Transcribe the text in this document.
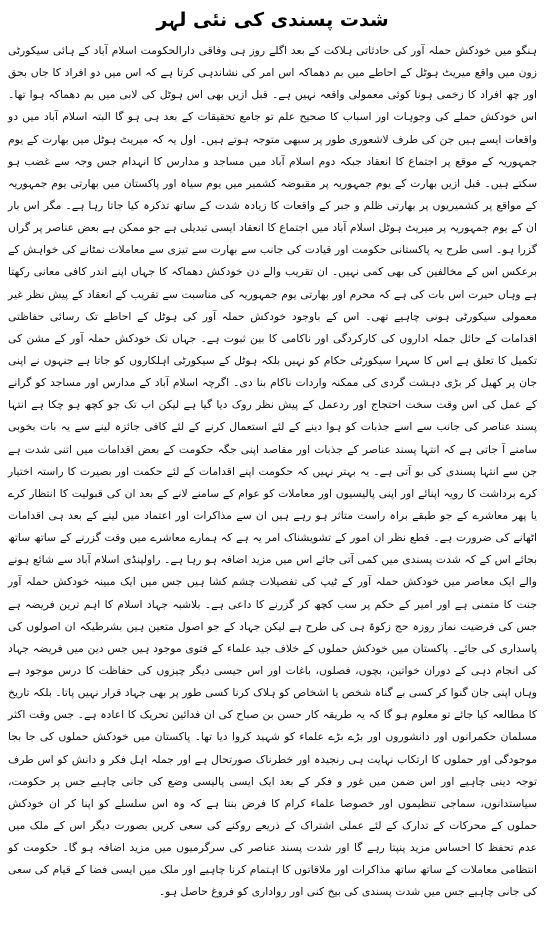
شدت پسندی کی نئی لہر

ہنگو میں خودکش حملہ آور کی حادثاتی ہلاکت کے بعد اگلے روز ہی وفاقی دارالحکومت اسلام آباد کے ہائی سیکورٹی زون میں واقع میریٹ ہوٹل کے احاطے میں بم دھماکہ اس امر کی نشاندہی کرتا ہے کہ اس میں دو افراد کا جاں بحق اور چھ افراد کا زخمی ہونا کوئی معمولی واقعہ نہیں ہے۔ قبل ازیں بھی اس ہوٹل کی لابی میں بم دھماکہ ہوا تھا۔ اس خودکش حملے کی وجوہات اور اسباب کا صحیح علم تو جامع تحقیقات کے بعد ہی ہو گا البتہ اسلام آباد میں دو واقعات ایسے ہیں جن کی طرف لاشعوری طور پر سبھی متوجہ ہوتے ہیں۔ اول یہ کہ میریٹ ہوٹل میں بھارت کے یوم جمہوریہ کے موقع پر اجتماع کا انعقاد جبکہ دوم اسلام آباد میں مساجد و مدارس کا انہدام جس وجہ سے غضب ہو سکتے ہیں۔ قبل ازیں بھارت کے یوم جمہوریہ پر مقبوضہ کشمیر میں یوم سیاہ اور پاکستان میں بھارتی یوم جمہوریہ کے مواقع پر کشمیریوں پر بھارتی ظلم و جبر کے واقعات کا زیادہ شدت کے ساتھ تذکرہ کیا جاتا رہا ہے۔ مگر اس بار ان کے یوم جمہوریہ پر میریٹ ہوٹل اسلام آباد میں اجتماع کا انعقاد ایسی تبدیلی ہے جو ممکن ہے بعض عناصر پر گراں گزرا ہو۔ اسی طرح یہ پاکستانی حکومت اور قیادت کی جانب سے بھارت سے تیزی سے معاملات نمٹانے کی خواہش کے برعکس اس کے مخالفین کی بھی کمی نہیں۔ ان تقریب والے دن خودکش دھماکہ کا جہاں اپنے اندر کافی معانی رکھتا ہے وہاں حیرت اس بات کی ہے کہ محرم اور بھارتی یوم جمہوریہ کی مناسبت سے تقریب کے انعقاد کے پیش نظر غیر معمولی سیکورٹی ہونی چاہیے تھی۔ اس کے باوجود خودکش حملہ آور کی ہوٹل کے احاطے تک رسائی حفاظتی اقدامات کے حائل جملہ اداروں کی کارکردگی اور ناکامی کا بین ثبوت ہے۔ جہاں تک خودکش حملہ آور کے مشن کی تکمیل کا تعلق ہے اس کا سہرا سیکورٹی حکام کو نہیں بلکہ ہوٹل کے سیکورٹی اہلکاروں کو جاتا ہے جنہوں نے اپنی جان پر کھیل کر بڑی دہشت گردی کی ممکنہ واردات ناکام بنا دی۔ اگرچہ اسلام آباد کے مدارس اور مساجد کو گرانے کے عمل کی اس وقت سخت احتجاج اور ردعمل کے پیش نظر روک دیا گیا ہے لیکن اب تک جو کچھ ہو چکا ہے انتہا پسند عناصر کی جانب سے اسے جذبات کو ہوا دینے کے لئے استعمال کرنے کے لئے کافی جائزہ لینے سے یہ بات بخوبی سامنے آ جاتی ہے کہ انتہا پسند عناصر کے جذبات اور مقاصد اپنی جگہ حکومت کے بعض اقدامات میں اتنی شدت ہے جن سے انتہا پسندی کی بو آتی ہے۔ یہ بہتر نہیں کہ حکومت اپنے اقدامات کے لئے حکمت اور بصیرت کا راستہ اختیار کرے برداشت کا رویہ اپنائے اور اپنی پالیسیوں اور معاملات کو عوام کے سامنے لانے کے بعد ان کی قبولیت کا انتظار کرے یا پھر معاشرے کے جو طبقے براہ راست متاثر ہو رہے ہیں ان سے مذاکرات اور اعتماد میں لینے کے بعد ہی اقدامات اٹھانے کی ضرورت ہے۔ قطع نظر ان امور کے تشویشناک امر یہ ہے کہ ہمارے معاشرے میں وقت گزرنے کے ساتھ ساتھ بجائے اس کے کہ شدت پسندی میں کمی آتی جائے اس میں مزید اضافہ ہو رہا ہے۔ راولپنڈی اسلام آباد سے شائع ہونے والے ایک معاصر میں خودکش حملہ آور کے ٹیپ کی تفصیلات چشم کشا ہیں جس میں ایک مبینہ خودکش حملہ آور جنت کا متمنی ہے اور امیر کے حکم پر سب کچھ کر گزرنے کا داعی ہے۔ بلاشبہ جہاد اسلام کا اہم ترین فریضہ ہے جس کی فرضیت نماز روزہ حج زکوۃ ہی کی طرح ہے لیکن جہاد کے جو اصول متعین ہیں بشرطیکہ ان اصولوں کی پاسداری کی جائے۔ پاکستان میں خودکش حملوں کے خلاف جید علماء کے فتوی موجود ہیں جس دین میں فریضہ جہاد کی انجام دہی کے دوران خواتین، بچوں، فصلوں، باغات اور اس جیسی دیگر چیزوں کی حفاظت کا درس موجود ہے وہاں اپنی جان گنوا کر کسی بے گناہ شخص یا اشخاص کو ہلاک کرنا کسی طور پر بھی جہاد قرار نہیں پاتا۔ بلکہ تاریخ کا مطالعہ کیا جائے تو معلوم ہو گا کہ یہ طریقہ کار حسن بن صباح کی ان فدائین تحریک کا اعادہ ہے۔ جس وقت اکثر مسلمان حکمرانوں اور دانشوروں اور بڑے بڑے علماء کو شہید کروا دیا تھا۔ پاکستان میں خودکش حملوں کی جا بجا موجودگی اور حملوں کا ارتکاب نہایت ہی رنجیدہ اور خطرناک صورتحال ہے اور جملہ اہل فکر و دانش کو اس طرف توجہ دینی چاہیے اور اس ضمن میں غور و فکر کے بعد ایک ایسی پالیسی وضع کی جانی چاہیے جس پر حکومت، سیاستدانوں، سماجی تنظیموں اور خصوصا علماء کرام کا فرض بنتا ہے کہ وہ اس سلسلے کو اپنا کر ان خودکش حملوں کے محرکات کے تدارک کے لئے عملی اشتراک کے ذریعے روکنے کی سعی کریں بصورت دیگر اس کے ملک میں عدم تحفظ کا احساس مزید پنپتا رہے گا اور شدت پسند عناصر کی سرگرمیوں میں مزید اضافہ ہو گا۔ حکومت کو انتظامی معاملات کے ساتھ ساتھ مذاکرات اور ملاقاتوں کا اہتمام کرنا چاہیے اور ملک میں ایسی فضا کے قیام کی سعی کی جانی چاہیے جس میں شدت پسندی کی بیخ کنی اور رواداری کو فروغ حاصل ہو۔
